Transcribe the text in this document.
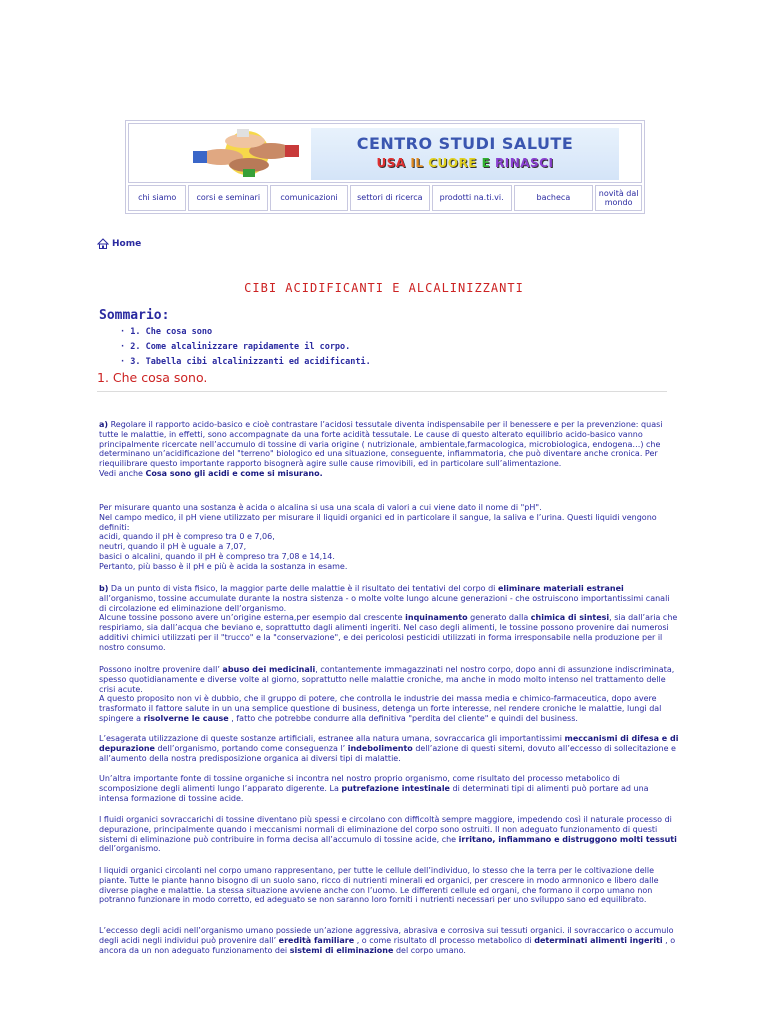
CENTRO STUDI SALUTE
USA IL CUORE E RINASCI
chi siamo	corsi e seminari	comunicazioni	settori di ricerca	prodotti na.ti.vi.	bacheca
novità dal mondo
Home
CIBI ACIDIFICANTI E ALCALINIZZANTI
Sommario:
· 1. Che cosa sono
· 2. Come alcalinizzare rapidamente il corpo.
· 3. Tabella cibi alcalinizzanti ed acidificanti.
1. Che cosa sono.

a) Regolare il rapporto acido-basico e cioè contrastare l’acidosi tessutale diventa indispensabile per il benessere e per la prevenzione: quasi tutte le malattie, in effetti, sono accompagnate da una forte acidità tessutale. Le cause di questo alterato equilibrio acido-basico vanno principalmente ricercate nell’accumulo di tossine di varia origine ( nutrizionale, ambientale,farmacologica, microbiologica, endogena…) che determinano un’acidificazione del "terreno" biologico ed una situazione, conseguente, infiammatoria, che può diventare anche cronica. Per riequilibrare questo importante rapporto bisognerà agire sulle cause rimovibili, ed in particolare sull’alimentazione.
Vedi anche Cosa sono gli acidi e come si misurano.

Per misurare quanto una sostanza è acida o alcalina si usa una scala di valori a cui viene dato il nome di "pH".
Nel campo medico, il pH viene utilizzato per misurare il liquidi organici ed in particolare il sangue, la saliva e l’urina. Questi liquidi vengono definiti:
acidi, quando il pH è compreso tra 0 e 7,06,
neutri, quando il pH è uguale a 7,07,
basici o alcalini, quando il pH è compreso tra 7,08 e 14,14.
Pertanto, più basso è il pH e più è acida la sostanza in esame.

b) Da un punto di vista fisico, la maggior parte delle malattie è il risultato dei tentativi del corpo di eliminare materiali estranei all’organismo, tossine accumulate durante la nostra sistenza - o molte volte lungo alcune generazioni - che ostruiscono importantissimi canali di circolazione ed eliminazione dell’organismo.
Alcune tossine possono avere un’origine esterna,per esempio dal crescente inquinamento generato dalla chimica di sintesi, sia dall’aria che respiriamo, sia dall’acqua che beviano e, soprattutto dagli alimenti ingeriti. Nel caso degli alimenti, le tossine possono provenire dai numerosi additivi chimici utilizzati per il "trucco" e la "conservazione", e dei pericolosi pesticidi utilizzati in forma irresponsabile nella produzione per il nostro consumo.

Possono inoltre provenire dall’ abuso dei medicinali, contantemente immagazzinati nel nostro corpo, dopo anni di assunzione indiscriminata, spesso quotidianamente e diverse volte al giorno, soprattutto nelle malattie croniche, ma anche in modo molto intenso nel trattamento delle crisi acute.
A questo proposito non vi è dubbio, che il gruppo di potere, che controlla le industrie dei massa media e chimico-farmaceutica, dopo avere trasformato il fattore salute in un una semplice questione di business, detenga un forte interesse, nel rendere croniche le malattie, lungi dal spingere a risolverne le cause , fatto che potrebbe condurre alla definitiva "perdita del cliente" e quindi del business.

L’esagerata utilizzazione di queste sostanze artificiali, estranee alla natura umana, sovraccarica gli importantissimi meccanismi di difesa e di depurazione dell’organismo, portando come conseguenza l’ indebolimento dell’azione di questi sitemi, dovuto all’eccesso di sollecitazione e all’aumento della nostra predisposizione organica ai diversi tipi di malattie.

Un’altra importante fonte di tossine organiche si incontra nel nostro proprio organismo, come risultato del processo metabolico di scomposizione degli alimenti lungo l’apparato digerente. La putrefazione intestinale di determinati tipi di alimenti può portare ad una intensa formazione di tossine acide.

I fluidi organici sovraccarichi di tossine diventano più spessi e circolano con difficoltà sempre maggiore, impedendo così il naturale processo di depurazione, principalmente quando i meccanismi normali di eliminazione del corpo sono ostruiti. Il non adeguato funzionamento di questi sistemi di eliminazione può contribuire in forma decisa all’accumulo di tossine acide, che irritano, infiammano e distruggono molti tessuti dell’organismo.

I liquidi organici circolanti nel corpo umano rappresentano, per tutte le cellule dell’individuo, lo stesso che la terra per le coltivazione delle piante. Tutte le piante hanno bisogno di un suolo sano, ricco di nutrienti minerali ed organici, per crescere in modo armnonico e libero dalle diverse piaghe e malattie. La stessa situazione avviene anche con l’uomo. Le differenti cellule ed organi, che formano il corpo umano non potranno funzionare in modo corretto, ed adeguato se non saranno loro forniti i nutrienti necessari per uno sviluppo sano ed equilibrato.

L’eccesso degli acidi nell’organismo umano possiede un’azione aggressiva, abrasiva e corrosiva sui tessuti organici. il sovraccarico o accumulo degli acidi negli individui può provenire dall’ eredità familiare , o come risultato dl processo metabolico di determinati alimenti ingeriti , o ancora da un non adeguato funzionamento dei sistemi di eliminazione del corpo umano.
